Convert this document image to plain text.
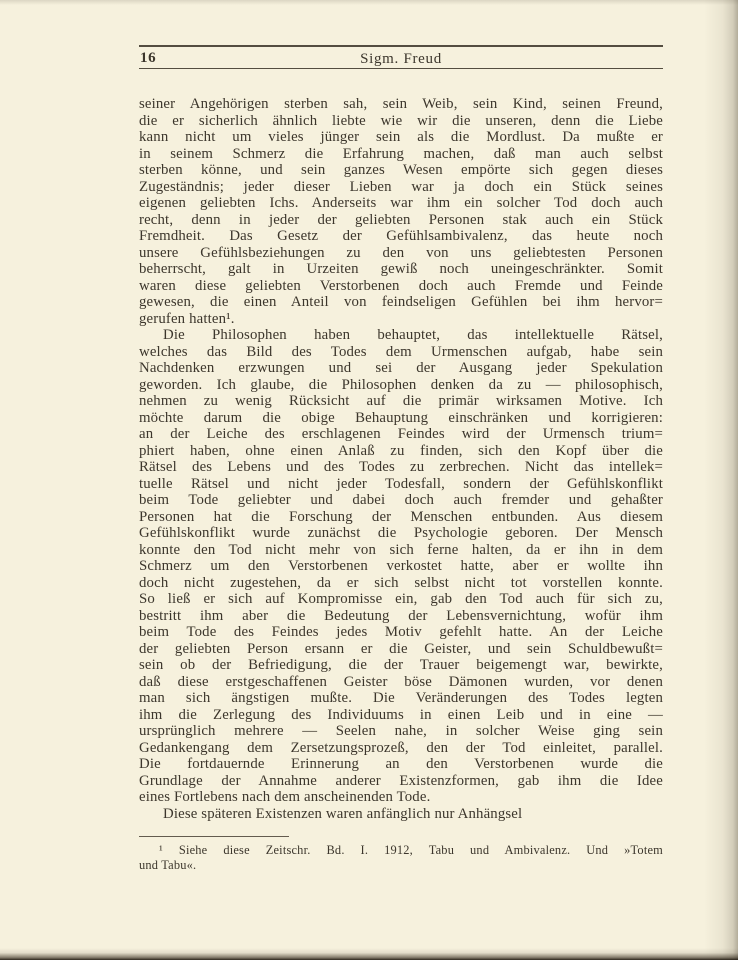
16	Sigm. Freud
seiner Angehörigen sterben sah, sein Weib, sein Kind, seinen Freund,
die er sicherlich ähnlich liebte wie wir die unseren, denn die Liebe
kann nicht um vieles jünger sein als die Mordlust. Da mußte er
in seinem Schmerz die Erfahrung machen, daß man auch selbst
sterben könne, und sein ganzes Wesen empörte sich gegen dieses
Zugeständnis; jeder dieser Lieben war ja doch ein Stück seines
eigenen geliebten Ichs. Anderseits war ihm ein solcher Tod doch auch
recht, denn in jeder der geliebten Personen stak auch ein Stück
Fremdheit. Das Gesetz der Gefühlsambivalenz, das heute noch
unsere Gefühlsbeziehungen zu den von uns geliebtesten Personen
beherrscht, galt in Urzeiten gewiß noch uneingeschränkter. Somit
waren diese geliebten Verstorbenen doch auch Fremde und Feinde
gewesen, die einen Anteil von feindseligen Gefühlen bei ihm hervor=
gerufen hatten¹.
Die Philosophen haben behauptet, das intellektuelle Rätsel,
welches das Bild des Todes dem Urmenschen aufgab, habe sein
Nachdenken erzwungen und sei der Ausgang jeder Spekulation
geworden. Ich glaube, die Philosophen denken da zu — philosophisch,
nehmen zu wenig Rücksicht auf die primär wirksamen Motive. Ich
möchte darum die obige Behauptung einschränken und korrigieren:
an der Leiche des erschlagenen Feindes wird der Urmensch trium=
phiert haben, ohne einen Anlaß zu finden, sich den Kopf über die
Rätsel des Lebens und des Todes zu zerbrechen. Nicht das intellek=
tuelle Rätsel und nicht jeder Todesfall, sondern der Gefühlskonflikt
beim Tode geliebter und dabei doch auch fremder und gehaßter
Personen hat die Forschung der Menschen entbunden. Aus diesem
Gefühlskonflikt wurde zunächst die Psychologie geboren. Der Mensch
konnte den Tod nicht mehr von sich ferne halten, da er ihn in dem
Schmerz um den Verstorbenen verkostet hatte, aber er wollte ihn
doch nicht zugestehen, da er sich selbst nicht tot vorstellen konnte.
So ließ er sich auf Kompromisse ein, gab den Tod auch für sich zu,
bestritt ihm aber die Bedeutung der Lebensvernichtung, wofür ihm
beim Tode des Feindes jedes Motiv gefehlt hatte. An der Leiche
der geliebten Person ersann er die Geister, und sein Schuldbewußt=
sein ob der Befriedigung, die der Trauer beigemengt war, bewirkte,
daß diese erstgeschaffenen Geister böse Dämonen wurden, vor denen
man sich ängstigen mußte. Die Veränderungen des Todes legten
ihm die Zerlegung des Individuums in einen Leib und in eine —
ursprünglich mehrere — Seelen nahe, in solcher Weise ging sein
Gedankengang dem Zersetzungsprozeß, den der Tod einleitet, parallel.
Die fortdauernde Erinnerung an den Verstorbenen wurde die
Grundlage der Annahme anderer Existenzformen, gab ihm die Idee
eines Fortlebens nach dem anscheinenden Tode.
Diese späteren Existenzen waren anfänglich nur Anhängsel
¹ Siehe diese Zeitschr. Bd. I. 1912, Tabu und Ambivalenz. Und »Totem
und Tabu«.
